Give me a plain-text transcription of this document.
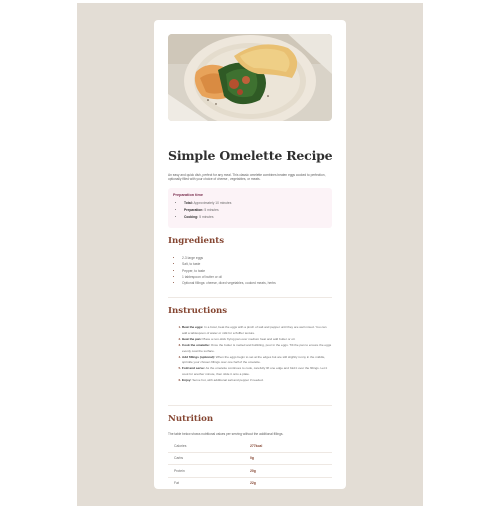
Simple Omelette Recipe
An easy and quick dish, perfect for any meal. This classic omelette combines beaten eggs cooked to perfection, optionally filled with your choice of cheese , vegetables, or meats.
Preparation time
• Total: Approximately 10 minutes
• Preparation: 5 minutes
• Cooking: 5 minutes
Ingredients
• 2-3 large eggs
• Salt, to taste
• Pepper, to taste
• 1 tablespoon of butter or oil
• Optional fillings: cheese, diced vegetables, cooked meats, herbs
Instructions
1. Beat the eggs: In a bowl, beat the eggs with a pinch of salt and pepper until they are well mixed. You can add a tablespoon of water or milk for a fluffier texture.
2. Heat the pan: Place a non-stick frying pan over medium heat and add butter or oil.
3. Cook the omelette: Once the butter is melted and bubbling, pour in the eggs. Tilt the pan to ensure the eggs evenly coat the surface.
4. Add fillings (optional): When the eggs begin to set at the edges but are still slightly runny in the middle, sprinkle your chosen fillings over one half of the omelette.
5. Fold and serve: As the omelette continues to cook, carefully lift one edge and fold it over the fillings. Let it cook for another minute, then slide it onto a plate.
6. Enjoy: Serve hot, with additional salt and pepper if needed.
Nutrition
The table below shows nutritional values per serving without the additional fillings.
Calories	277kcal
Carbs	0g
Protein	20g
Fat	22g
